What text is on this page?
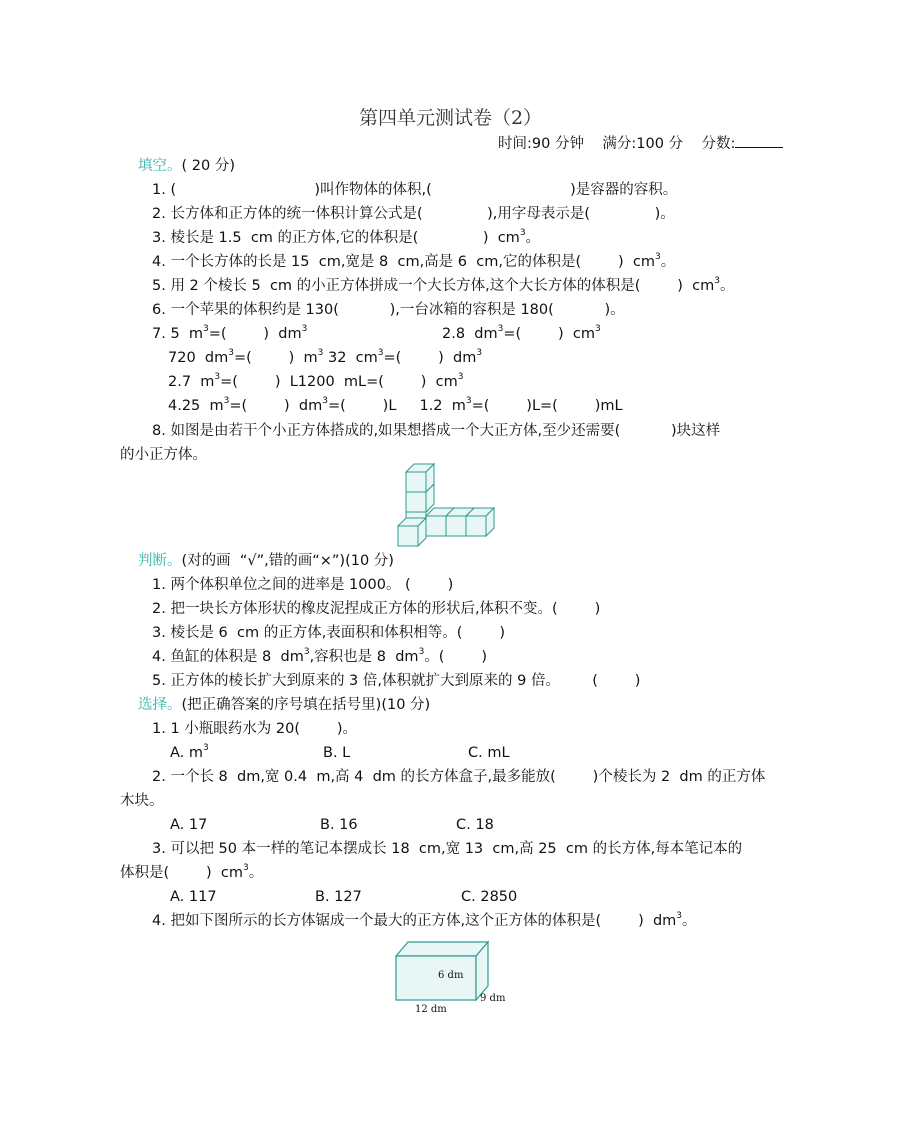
第四单元测试卷（2）
时间:90 分钟 满分:100 分 分数:
填空。( 20 分)
1. (                              )叫作物体的体积,(                              )是容器的容积。
2. 长方体和正方体的统一体积计算公式是(              ),用字母表示是(              )。
3. 棱长是 1.5  cm 的正方体,它的体积是(              )  $cm^3$。
4. 一个长方体的长是 15  cm,宽是 8  cm,高是 6  cm,它的体积是(        )  $cm^3$。
5. 用 2 个棱长 5  cm 的小正方体拼成一个大长方体,这个大长方体的体积是(        )  $cm^3$。
6. 一个苹果的体积约是 130(           ),一台冰箱的容积是 180(           )。
7. 5  $m^3=$(        )  $dm^3$	2.8  $dm^3=$(        )  $cm^3$
720  $dm^3=$(        )  $m^3$ 32  $cm^3=$(        )  $dm^3$
2.7  $m^3=$(        )  L1200  mL=(        )  $cm^3$
4.25  $m^3=$(        )  $dm^3=$(        )L     1.2  $m^3=$(        )L=(        )mL
8. 如图是由若干个小正方体搭成的,如果想搭成一个大正方体,至少还需要(           )块这样
的小正方体。
判断。(对的画  “√”,错的画“×”)(10 分)
1. 两个体积单位之间的进率是 1000。 (        )
2. 把一块长方体形状的橡皮泥捏成正方体的形状后,体积不变。(        )
3. 棱长是 6  cm 的正方体,表面积和体积相等。(        )
4. 鱼缸的体积是 8  $dm^3$,容积也是 8  $dm^3$。(        )
5. 正方体的棱长扩大到原来的 3 倍,体积就扩大到原来的 9 倍。       (        )
选择。(把正确答案的序号填在括号里)(10 分)
1. 1 小瓶眼药水为 20(        )。
A. $m^3$	B. L	C. mL
2. 一个长 8  dm,宽 0.4  m,高 4  dm 的长方体盒子,最多能放(        )个棱长为 2  dm 的正方体
木块。
A. 17	B. 16	C. 18
3. 可以把 50 本一样的笔记本摆成长 18  cm,宽 13  cm,高 25  cm 的长方体,每本笔记本的
体积是(        )  $cm^3$。
A. 117	B. 127	C. 2850
4. 把如下图所示的长方体锯成一个最大的正方体,这个正方体的体积是(        )  $dm^3$。
6 dm
12 dm
9 dm
